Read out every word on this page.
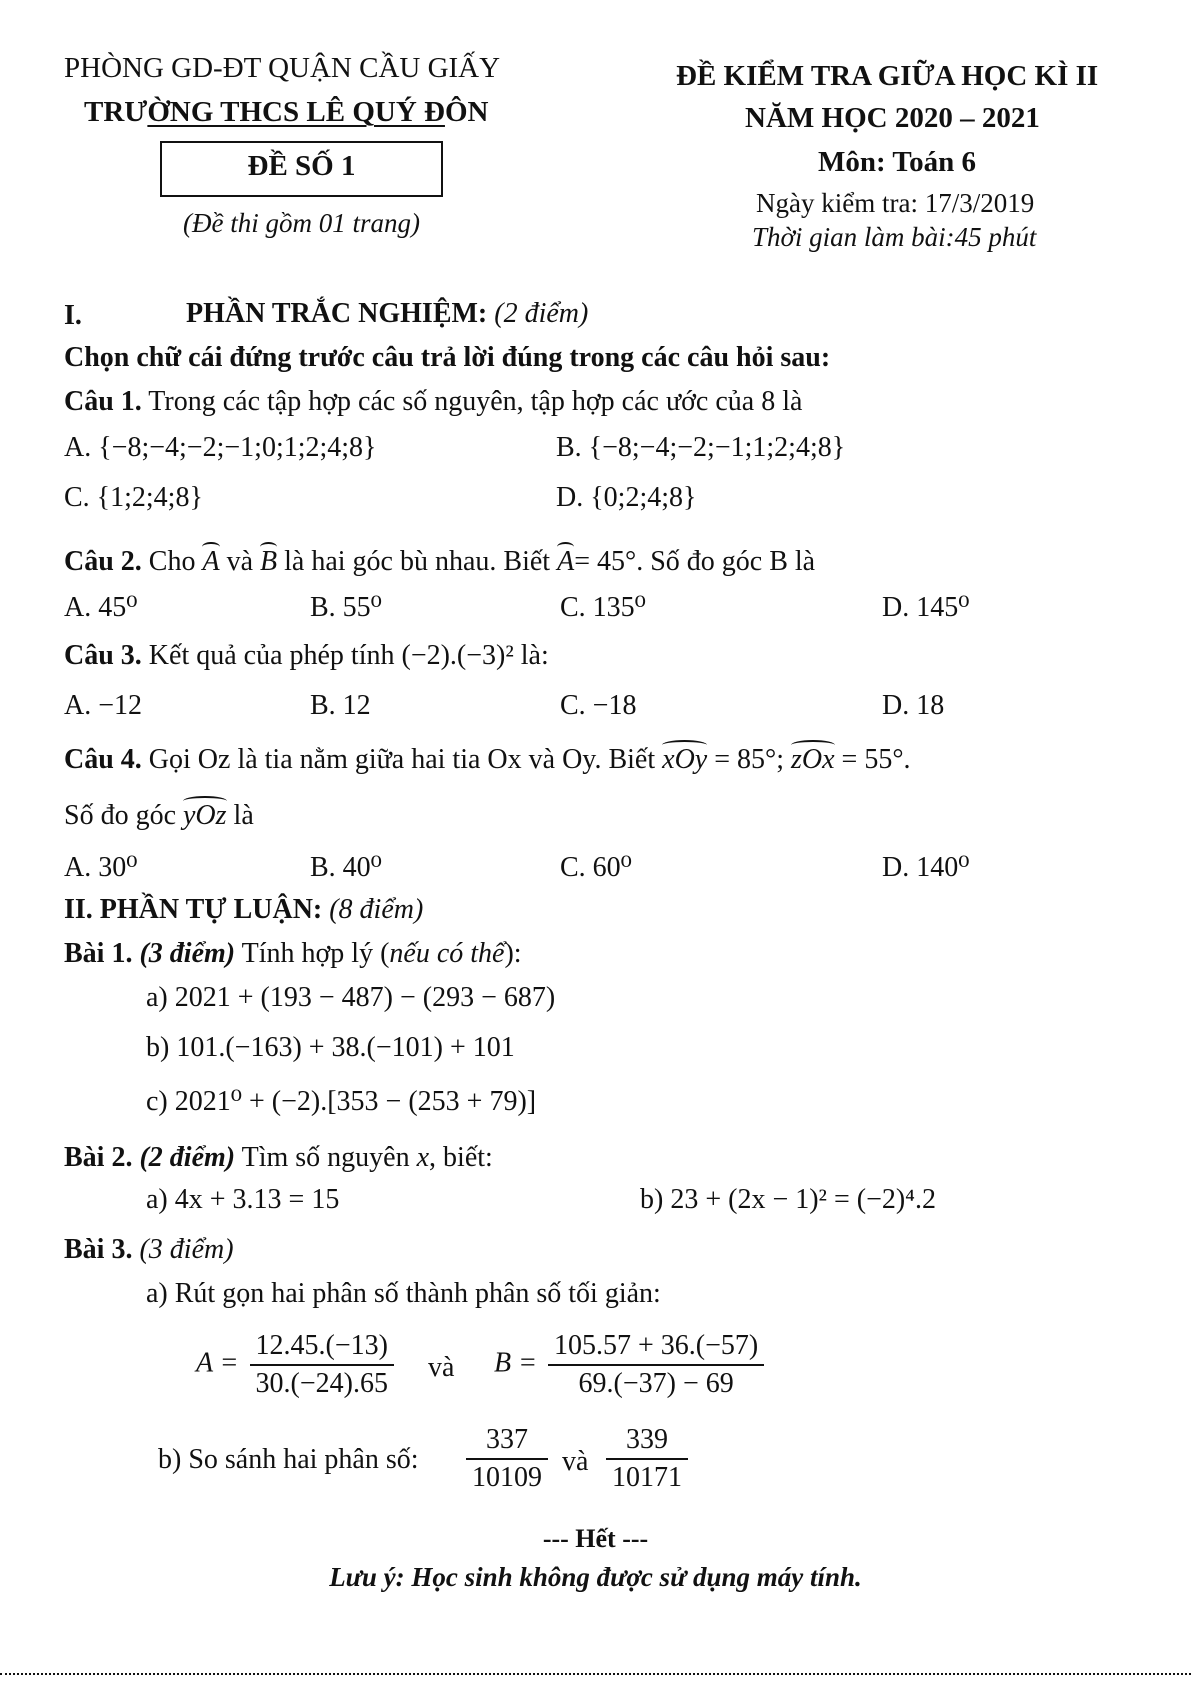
PHÒNG GD-ĐT QUẬN CẦU GIẤY
TRƯỜNG THCS LÊ QUÝ ĐÔN
ĐỀ SỐ 1
(Đề thi gồm 01 trang)
ĐỀ KIỂM TRA GIỮA HỌC KÌ II
NĂM HỌC 2020 – 2021
Môn: Toán 6
Ngày kiểm tra: 17/3/2019
Thời gian làm bài:45 phút
I.	PHẦN TRẮC NGHIỆM: (2 điểm)
Chọn chữ cái đứng trước câu trả lời đúng trong các câu hỏi sau:
Câu 1. Trong các tập hợp các số nguyên, tập hợp các ước của 8 là
A. {−8;−4;−2;−1;0;1;2;4;8}	B. {−8;−4;−2;−1;1;2;4;8}
C. {1;2;4;8}	D. {0;2;4;8}
Câu 2. Cho A và B là hai góc bù nhau. Biết A= 45°. Số đo góc B là
A. 45⁰	B. 55⁰	C. 135⁰	D. 145⁰
Câu 3. Kết quả của phép tính (−2).(−3)² là:
A. −12	B. 12	C. −18	D. 18
Câu 4. Gọi Oz là tia nằm giữa hai tia Ox và Oy. Biết xOy = 85°; zOx = 55°.
Số đo góc yOz là
A. 30⁰	B. 40⁰	C. 60⁰	D. 140⁰
II. PHẦN TỰ LUẬN: (8 điểm)
Bài 1. (3 điểm) Tính hợp lý (nếu có thể):
a) 2021 + (193 − 487) − (293 − 687)
b) 101.(−163) + 38.(−101) + 101
c) 2021⁰ + (−2).[353 − (253 + 79)]
Bài 2. (2 điểm) Tìm số nguyên x, biết:
a) 4x + 3.13 = 15	b) 23 + (2x − 1)² = (−2)⁴.2
Bài 3. (3 điểm)
a) Rút gọn hai phân số thành phân số tối giản:
$A = \frac{12.45.(-13)}{30.(-24).65}$ và $B = \frac{105.57 + 36.(-57)}{69.(-37) - 69}$
b) So sánh hai phân số: $\frac{337}{10109}$ và $\frac{339}{10171}$
--- Hết ---
Lưu ý: Học sinh không được sử dụng máy tính.
